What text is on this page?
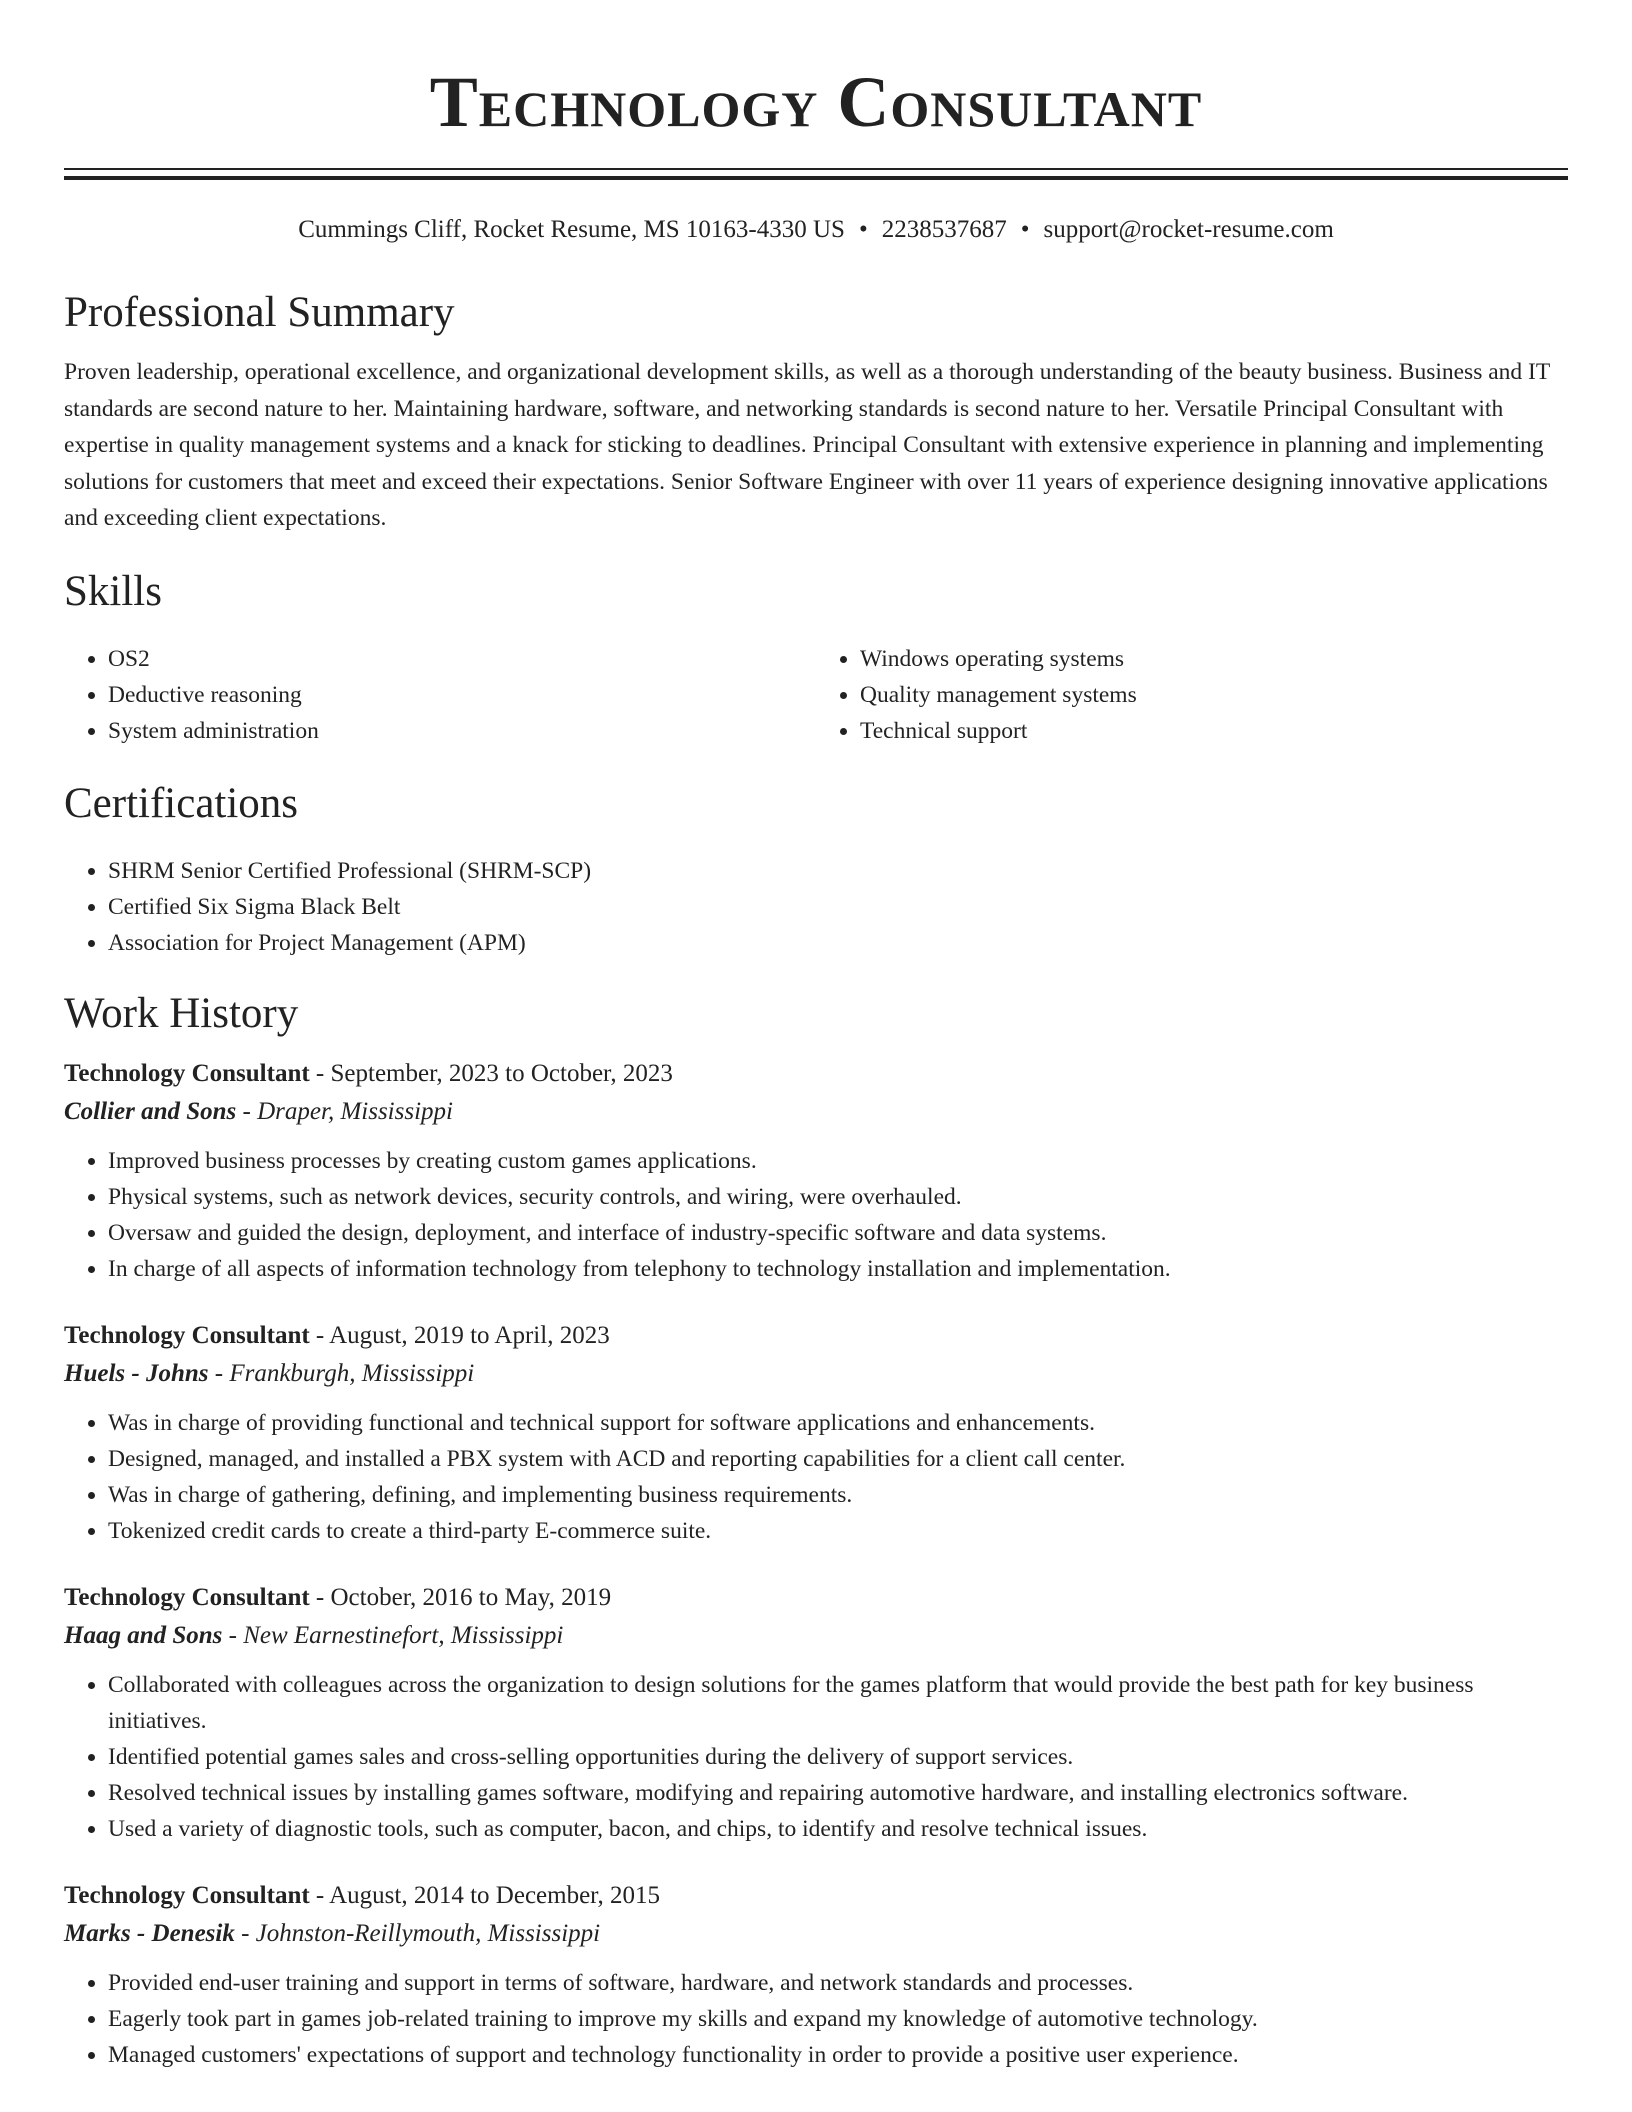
Technology Consultant
Cummings Cliff, Rocket Resume, MS 10163-4330 US • 2238537687 • support@rocket-resume.com
Professional Summary

Proven leadership, operational excellence, and organizational development skills, as well as a thorough understanding of the beauty business. Business and IT standards are second nature to her. Maintaining hardware, software, and networking standards is second nature to her. Versatile Principal Consultant with expertise in quality management systems and a knack for sticking to deadlines. Principal Consultant with extensive experience in planning and implementing solutions for customers that meet and exceed their expectations. Senior Software Engineer with over 11 years of experience designing innovative applications and exceeding client expectations.

Skills
• OS2
• Deductive reasoning
• System administration
• Windows operating systems
• Quality management systems
• Technical support
Certifications
• SHRM Senior Certified Professional (SHRM-SCP)
• Certified Six Sigma Black Belt
• Association for Project Management (APM)
Work History
Technology Consultant - September, 2023 to October, 2023
Collier and Sons - Draper, Mississippi
• Improved business processes by creating custom games applications.
• Physical systems, such as network devices, security controls, and wiring, were overhauled.
• Oversaw and guided the design, deployment, and interface of industry-specific software and data systems.
• In charge of all aspects of information technology from telephony to technology installation and implementation.
Technology Consultant - August, 2019 to April, 2023
Huels - Johns - Frankburgh, Mississippi
• Was in charge of providing functional and technical support for software applications and enhancements.
• Designed, managed, and installed a PBX system with ACD and reporting capabilities for a client call center.
• Was in charge of gathering, defining, and implementing business requirements.
• Tokenized credit cards to create a third-party E-commerce suite.
Technology Consultant - October, 2016 to May, 2019
Haag and Sons - New Earnestinefort, Mississippi
• Collaborated with colleagues across the organization to design solutions for the games platform that would provide the best path for key business initiatives.
• Identified potential games sales and cross-selling opportunities during the delivery of support services.
• Resolved technical issues by installing games software, modifying and repairing automotive hardware, and installing electronics software.
• Used a variety of diagnostic tools, such as computer, bacon, and chips, to identify and resolve technical issues.
Technology Consultant - August, 2014 to December, 2015
Marks - Denesik - Johnston-Reillymouth, Mississippi
• Provided end-user training and support in terms of software, hardware, and network standards and processes.
• Eagerly took part in games job-related training to improve my skills and expand my knowledge of automotive technology.
• Managed customers' expectations of support and technology functionality in order to provide a positive user experience.
